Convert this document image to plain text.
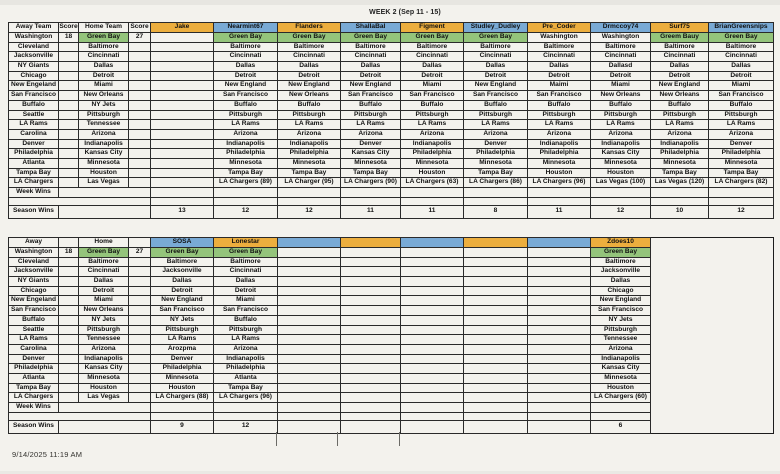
WEEK 2 (Sep 11 - 15)
Away Team	Score	Home Team	Score	Jake	Nearmint67	Flanders	ShallaBal	Figment	Studley_Dudley	Pre_Coder	Drmccoy74	Surf75	BrianGreensnips
Washington	18	Green Bay	27		Green Bay	Green Bay	Green Bay	Green Bay	Green Bay	Washington	Washington	Greem Bauy	Green Bay
Cleveland		Baltimore			Baltimore	Baltimore	Baltimore	Baltimore	Baltimore	Baltimore	Baltimore	Baltimore	Baltimore
Jacksonville		Cincinnati			Cincinnati	Cincinnati	Cincinnati	Cincinnati	Cincinnati	Cincinnati	Cincinnati	Cincinnati	Cincinnati
NY Giants		Dallas			Dallas	Dallas	Dallas	Dallas	Dallas	Dallas	Dallasd	Dallas	Dallas
Chicago		Detroit			Detroit	Detroit	Detroit	Detroit	Detroit	Detroit	Detroit	Detroit	Detroit
New Engeland		Miami			New England	New England	New England	Miami	New England	Maimi	Miami	New England	Miami
San Francisco		New Orleans			San Francisco	New Orleans	San Francisco	San Francisco	San Francisco	San Francisco	New Orleans	New Orleans	San Francisco
Buffalo		NY Jets			Buffalo	Buffalo	Buffalo	Buffalo	Buffalo	Buffalo	Buffalo	Buffalo	Buffalo
Seattle		Pittsburgh			Pittsburgh	Pittsburgh	Pittsburgh	Pittsburgh	Pittsburgh	Pittsburgh	Pittsburgh	Pittsburgh	Pittsburgh
LA Rams		Tennessee			LA Rams	LA Rams	LA Rams	LA Rams	LA Rams	LA Rams	LA Rams	LA Rams	LA Rams
Carolina		Arizona			Arizona	Arizona	Arizona	Arizona	Arizona	Arizona	Arizona	Arizona	Arizona
Denver		Indianapolis			Indianapolis	Indianapolis	Denver	Indianapolis	Denver	Indianapolis	Indianapolis	Indianapolis	Denver
Philadelphia		Kansas City			Philadelphia	Philadelphia	Kansas City	Philadelphia	Philadelphia	Philadelphia	Kansas City	Philadelphia	Philadelphia
Atlanta		Minnesota			Minnesota	Minnesota	Minnesota	Minnesota	Minnesota	Minnesota	Minnesota	Minnesota	Minnesota
Tampa Bay		Houston			Tampa Bay	Tampa Bay	Tampa Bay	Houston	Tampa Bay	Houston	Houston	Tampa Bay	Tampa Bay
LA Chargers		Las Vegas			LA Chargers (89)	LA Charger (95)	LA Chargers (90)	LA Chargers (63)	LA Chargers (86)	LA Chargers (96)	Las Vegas (100)	Las Vegas (120)	LA Chargers (82)
Week Wins													

Season Wins				13	12	12	11	11	8	11	12	10	12
Away		Home		SOSA	Lonestar						Zdoes10
Washington	18	Green Bay	27	Green Bay	Green Bay						Green Bay
Cleveland		Baltimore		Baltimore	Baltimore						Baltimore
Jacksonville		Cincinnati		Jacksonville	Cincinnati						Jacksonville
NY Giants		Dallas		Dallas	Dallas						Dallas
Chicago		Detroit		Detroit	Detroit						Chicago
New Engeland		Miami		New England	Miami						New England
San Francisco		New Orleans		San Francisco	San Francisco						San Francisco
Buffalo		NY Jets		NY Jets	Buffalo						NY Jets
Seattle		Pittsburgh		Pittsburgh	Pittsburgh						Pittsburgh
LA Rams		Tennessee		LA Rams	LA Rams						Tennessee
Carolina		Arizona		Arozpma	Arizona						Arizona
Denver		Indianapolis		Denver	Indianapolis						Indianapolis
Philadelphia		Kansas City		Philadelphia	Philadelphia						Kansas City
Atlanta		Minnesota		Minnesota	Atlanta						Minnesota
Tampa Bay		Houston		Houston	Tampa Bay						Houston
LA Chargers		Las Vegas		LA Chargers (88)	LA Chargers (96)						LA Chargers (60)
Week Wins											

Season Wins				9	12						6
9/14/2025 11:19 AM
